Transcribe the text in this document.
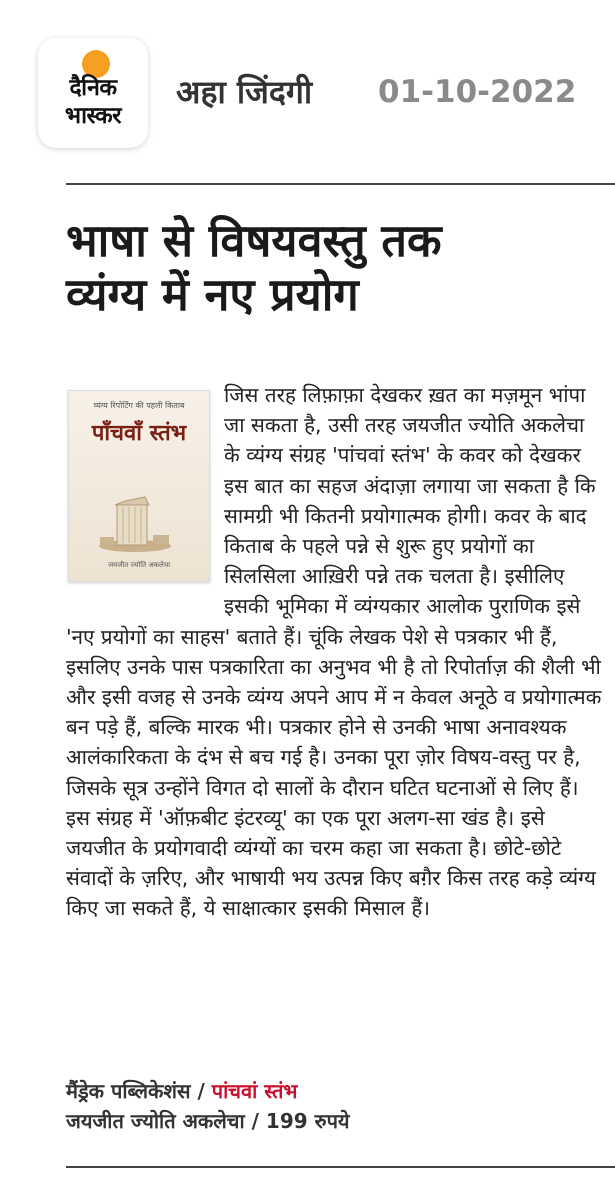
दैनिक
भास्कर
अहा जिंदगी 01-10-2022
भाषा से विषयवस्तु तक
व्यंग्य में नए प्रयोग
जिस तरह लिफ़ाफ़ा देखकर ख़त का मज़मून भांपा जा सकता है, उसी तरह जयजीत ज्योति अकलेचा के व्यंग्य संग्रह 'पांचवां स्तंभ' के कवर को देखकर इस बात का सहज अंदाज़ा लगाया जा सकता है कि सामग्री भी कितनी प्रयोगात्मक होगी। कवर के बाद किताब के पहले पन्ने से शुरू हुए प्रयोगों का सिलसिला आख़िरी पन्ने तक चलता है। इसीलिए इसकी भूमिका में व्यंग्यकार आलोक पुराणिक इसे 'नए प्रयोगों का साहस' बताते हैं। चूंकि लेखक पेशे से पत्रकार भी हैं, इसलिए उनके पास पत्रकारिता का अनुभव भी है तो रिपोर्ताज़ की शैली भी और इसी वजह से उनके व्यंग्य अपने आप में न केवल अनूठे व प्रयोगात्मक बन पड़े हैं, बल्कि मारक भी। पत्रकार होने से उनकी भाषा अनावश्यक आलंकारिकता के दंभ से बच गई है। उनका पूरा ज़ोर विषय-वस्तु पर है, जिसके सूत्र उन्होंने विगत दो सालों के दौरान घटित घटनाओं से लिए हैं। इस संग्रह में 'ऑफ़बीट इंटरव्यू' का एक पूरा अलग-सा खंड है। इसे जयजीत के प्रयोगवादी व्यंग्यों का चरम कहा जा सकता है। छोटे-छोटे संवादों के ज़रिए, और भाषायी भय उत्पन्न किए बग़ैर किस तरह कड़े व्यंग्य किए जा सकते हैं, ये साक्षात्कार इसकी मिसाल हैं।
व्यंग्य रिपोर्टिंग की पहली किताब
पाँचवाँ स्तंभ
जयजीत ज्योति अकलेचा
मैंड्रेक पब्लिकेशंस / पांचवां स्तंभ
जयजीत ज्योति अकलेचा / 199 रुपये
